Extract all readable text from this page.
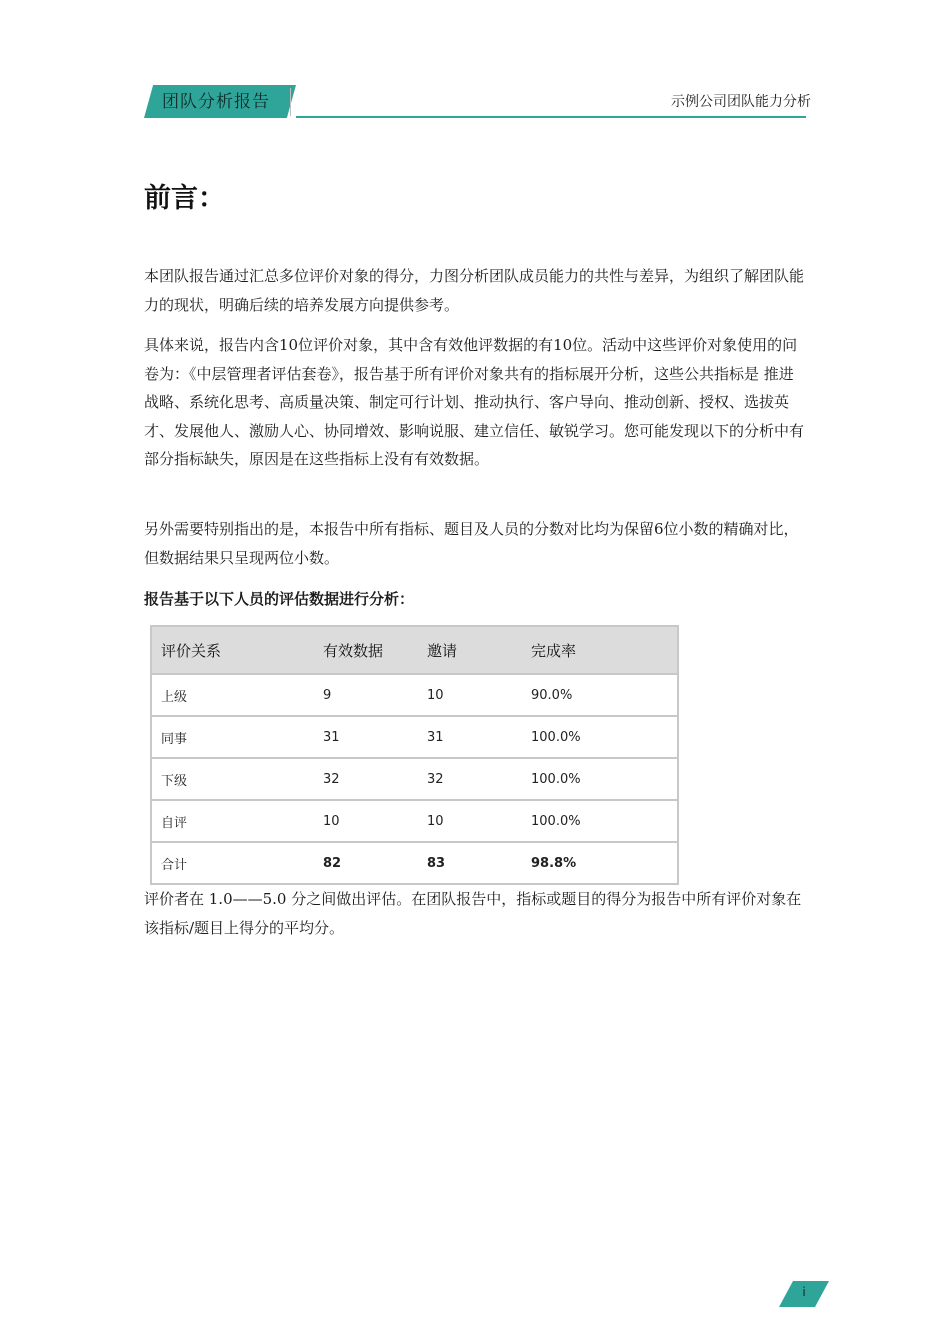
团队分析报告	示例公司团队能力分析
前言：

本团队报告通过汇总多位评价对象的得分，力图分析团队成员能力的共性与差异，为组织了解团队能力的现状，明确后续的培养发展方向提供参考。

具体来说，报告内含10位评价对象，其中含有效他评数据的有10位。活动中这些评价对象使用的问卷为：《中层管理者评估套卷》，报告基于所有评价对象共有的指标展开分析，这些公共指标是 推进战略、系统化思考、高质量决策、制定可行计划、推动执行、客户导向、推动创新、授权、选拔英才、发展他人、激励人心、协同增效、影响说服、建立信任、敏锐学习。您可能发现以下的分析中有部分指标缺失，原因是在这些指标上没有有效数据。

另外需要特别指出的是，本报告中所有指标、题目及人员的分数对比均为保留6位小数的精确对比，但数据结果只呈现两位小数。

报告基于以下人员的评估数据进行分析：

评价关系	有效数据	邀请	完成率
上级	9	10	90.0%
同事	31	31	100.0%
下级	32	32	100.0%
自评	10	10	100.0%
合计	82	83	98.8%

评价者在 1.0——5.0 分之间做出评估。在团队报告中，指标或题目的得分为报告中所有评价对象在该指标/题目上得分的平均分。

i
